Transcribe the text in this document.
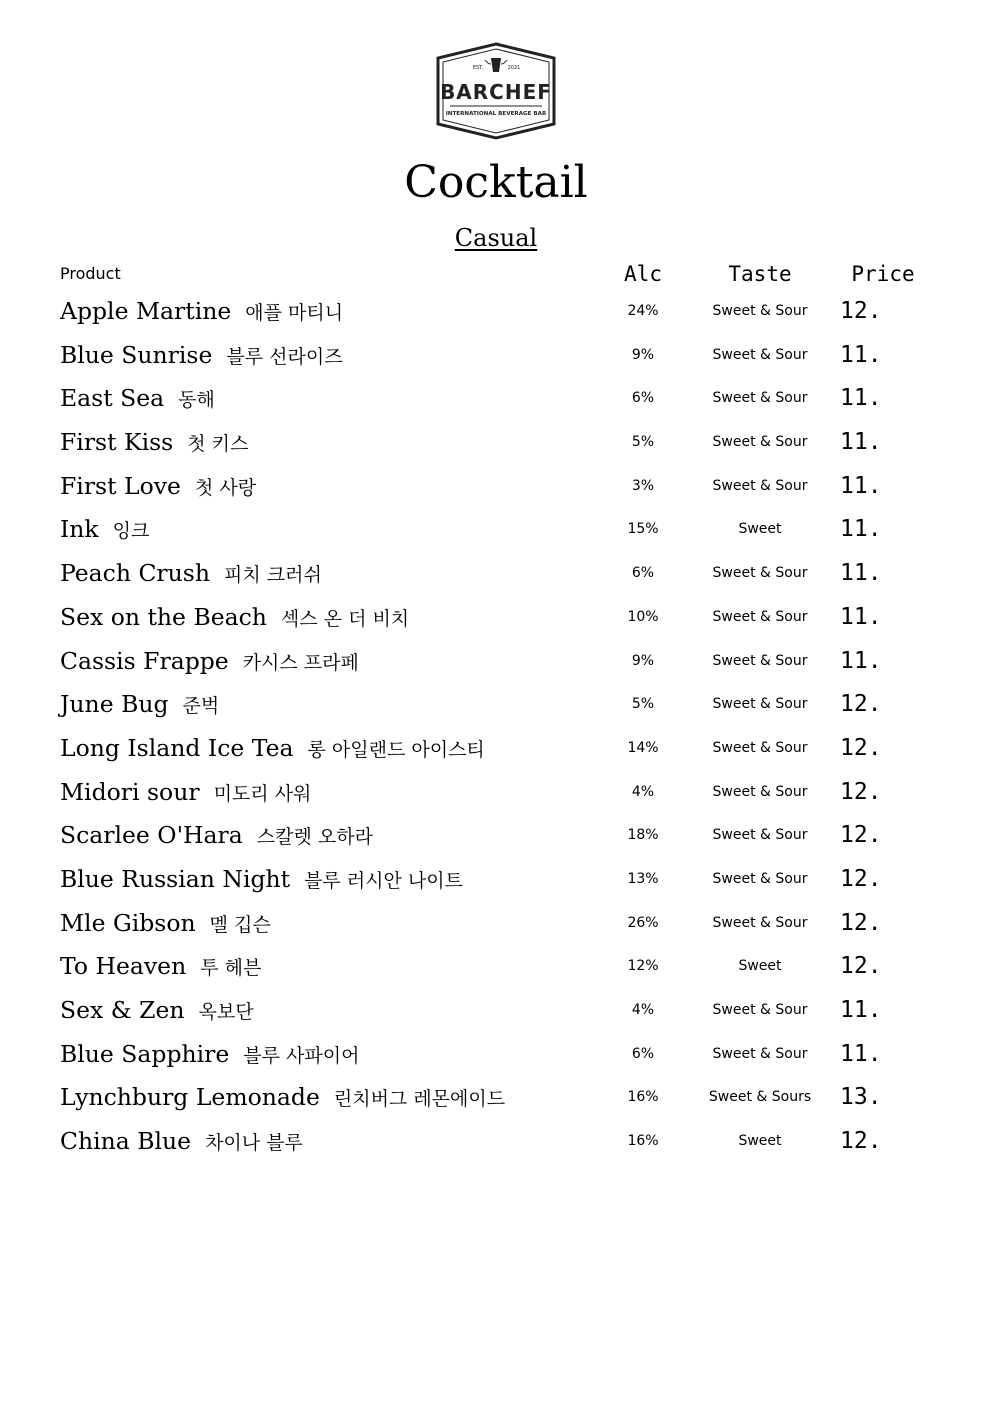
EST.	2021
BARCHEF
INTERNATIONAL BEVERAGE BAR
Cocktail
Casual
Product	Alc	Taste	Price
Apple Martine 애플 마티니	24%	Sweet & Sour	12.
Blue Sunrise 블루 선라이즈	9%	Sweet & Sour	11.
East Sea 동해	6%	Sweet & Sour	11.
First Kiss 첫 키스	5%	Sweet & Sour	11.
First Love 첫 사랑	3%	Sweet & Sour	11.
Ink 잉크	15%	Sweet	11.
Peach Crush 피치 크러쉬	6%	Sweet & Sour	11.
Sex on the Beach 섹스 온 더 비치	10%	Sweet & Sour	11.
Cassis Frappe 카시스 프라페	9%	Sweet & Sour	11.
June Bug 준벅	5%	Sweet & Sour	12.
Long Island Ice Tea 롱 아일랜드 아이스티	14%	Sweet & Sour	12.
Midori sour 미도리 사워	4%	Sweet & Sour	12.
Scarlee O'Hara 스칼렛 오하라	18%	Sweet & Sour	12.
Blue Russian Night 블루 러시안 나이트	13%	Sweet & Sour	12.
Mle Gibson 멜 깁슨	26%	Sweet & Sour	12.
To Heaven 투 헤븐	12%	Sweet	12.
Sex & Zen 옥보단	4%	Sweet & Sour	11.
Blue Sapphire 블루 사파이어	6%	Sweet & Sour	11.
Lynchburg Lemonade 린치버그 레몬에이드	16%	Sweet & Sours	13.
China Blue 차이나 블루	16%	Sweet	12.
